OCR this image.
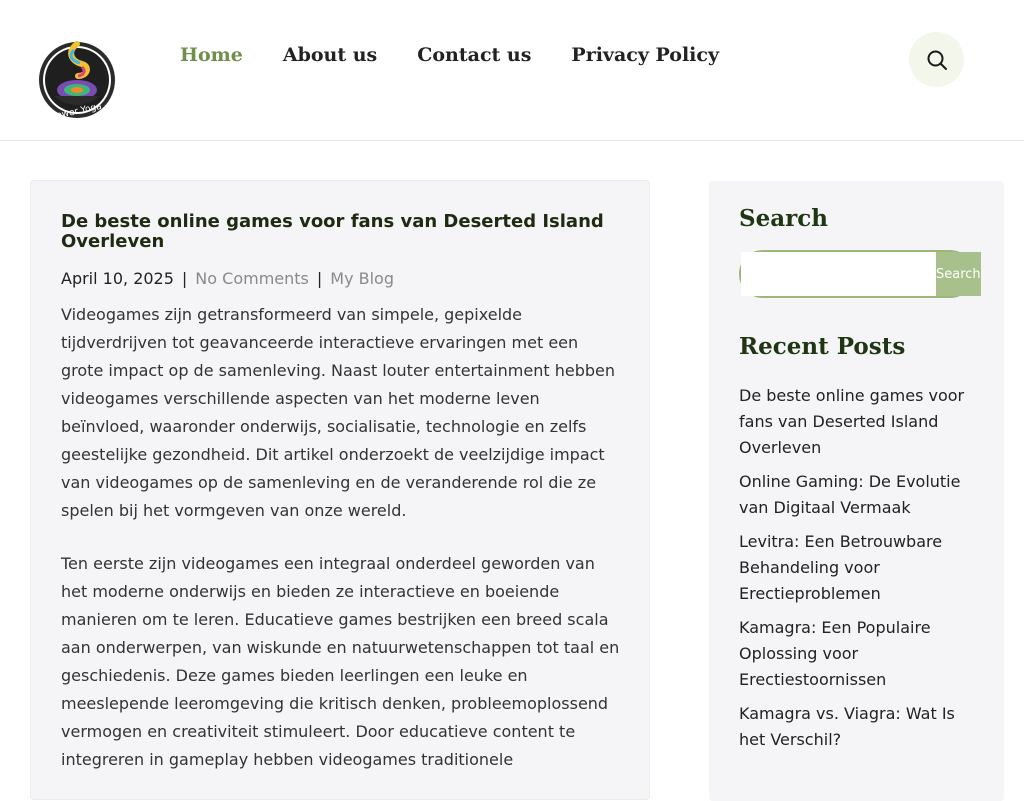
Power Yoga
Home About us Contact us Privacy Policy
De beste online games voor fans van Deserted Island Overleven
April 10, 2025 | No Comments | My Blog

Videogames zijn getransformeerd van simpele, gepixelde tijdverdrijven tot geavanceerde interactieve ervaringen met een grote impact op de samenleving. Naast louter entertainment hebben videogames verschillende aspecten van het moderne leven beïnvloed, waaronder onderwijs, socialisatie, technologie en zelfs geestelijke gezondheid. Dit artikel onderzoekt de veelzijdige impact van videogames op de samenleving en de veranderende rol die ze spelen bij het vormgeven van onze wereld.

Ten eerste zijn videogames een integraal onderdeel geworden van het moderne onderwijs en bieden ze interactieve en boeiende manieren om te leren. Educatieve games bestrijken een breed scala aan onderwerpen, van wiskunde en natuurwetenschappen tot taal en geschiedenis. Deze games bieden leerlingen een leuke en meeslepende leeromgeving die kritisch denken, probleemoplossend vermogen en creativiteit stimuleert. Door educatieve content te integreren in gameplay hebben videogames traditionele

Search
Search
Recent Posts
De beste online games voor fans van Deserted Island Overleven
Online Gaming: De Evolutie van Digitaal Vermaak
Levitra: Een Betrouwbare Behandeling voor Erectieproblemen
Kamagra: Een Populaire Oplossing voor Erectiestoornissen
Kamagra vs. Viagra: Wat Is het Verschil?
